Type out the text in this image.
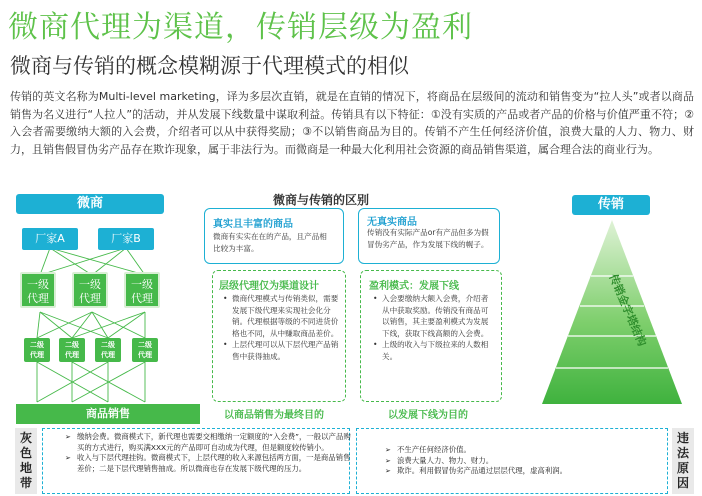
微商代理为渠道，传销层级为盈利
微商与传销的概念模糊源于代理模式的相似
传销的英文名称为Multi-level marketing，译为多层次直销，就是在直销的情况下，将商品在层级间的流动和销售变为“拉人头”或者以商品销售为名义进行“人拉人”的活动，并从发展下线数量中谋取利益。传销具有以下特征：①没有实质的产品或者产品的价格与价值严重不符；②入会者需要缴纳大额的入会费，介绍者可以从中获得奖励；③不以销售商品为目的。传销不产生任何经济价值，浪费大量的人力、物力、财力，且销售假冒伪劣产品存在欺诈现象，属于非法行为。而微商是一种最大化利用社会资源的商品销售渠道，属合理合法的商业行为。
微商
厂家A	厂家B
一级
代理
一级
代理
一级
代理
二级
代理
二级
代理
二级
代理
二级
代理
商品销售
微商与传销的区别
真实且丰富的商品
微商有实实在在的产品，且产品相比较为丰富。
无真实商品
传销没有实际产品or有产品但多为假冒伪劣产品，作为发展下线的幌子。
层级代理仅为渠道设计
• 微商代理模式与传销类似，需要发展下级代理来实现社会化分销。代理根据等级的不同进货价格也不同，从中赚取商品差价。
• 上层代理可以从下层代理产品销售中获得抽成。
盈利模式：发展下线
• 入会要缴纳大额入会费，介绍者从中获取奖励。传销没有商品可以销售，其主要盈利模式为发展下线，获取下线高额的入会费。
• 上级的收入与下级拉来的人数相关。
以商品销售为最终目的	以发展下线为目的
传销
传销金字塔结构
灰
色
地
带
➢ 缴纳会费。微商模式下，新代理也需要交相缴纳一定额度的“入会费”，一般以产品购买的方式进行，购买满XXX元的产品即可自动成为代理，但是额度较传销小。
➢ 收入与下层代理挂钩。微商模式下，上层代理的收入来源包括两方面，一是商品销售差价；二是下层代理销售抽成。所以微商也存在发展下级代理的压力。
➢ 不生产任何经济价值。
➢ 浪费大量人力、物力、财力。
➢ 欺诈。利用假冒伪劣产品通过层层代理，虚高利润。
违
法
原
因
